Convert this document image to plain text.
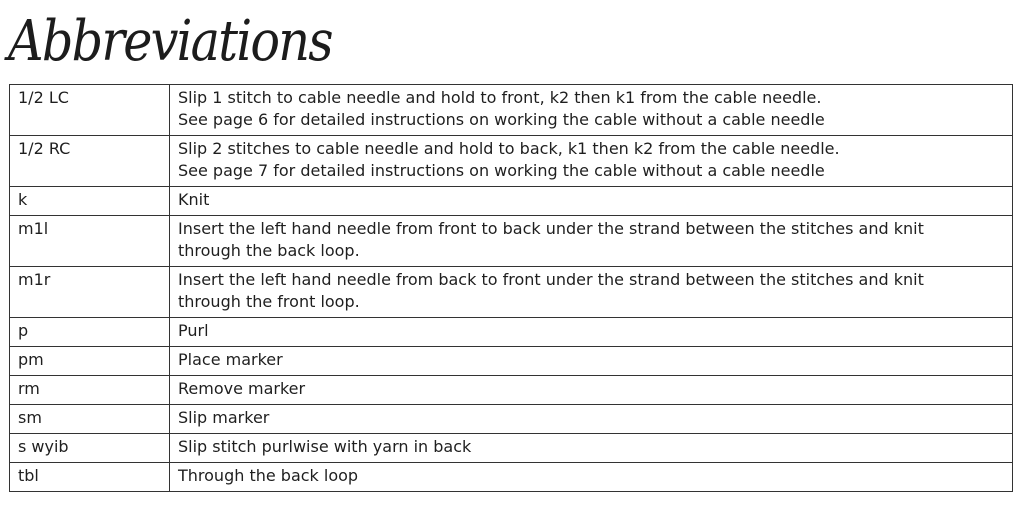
Abbreviations
1/2 LC	Slip 1 stitch to cable needle and hold to front, k2 then k1 from the cable needle.
See page 6 for detailed instructions on working the cable without a cable needle

1/2 RC	Slip 2 stitches to cable needle and hold to back, k1 then k2 from the cable needle.
See page 7 for detailed instructions on working the cable without a cable needle

k	Knit

m1l	Insert the left hand needle from front to back under the strand between the stitches and knit
through the back loop.

m1r	Insert the left hand needle from back to front under the strand between the stitches and knit
through the front loop.

p	Purl

pm	Place marker

rm	Remove marker

sm	Slip marker

s wyib	Slip stitch purlwise with yarn in back

tbl	Through the back loop
